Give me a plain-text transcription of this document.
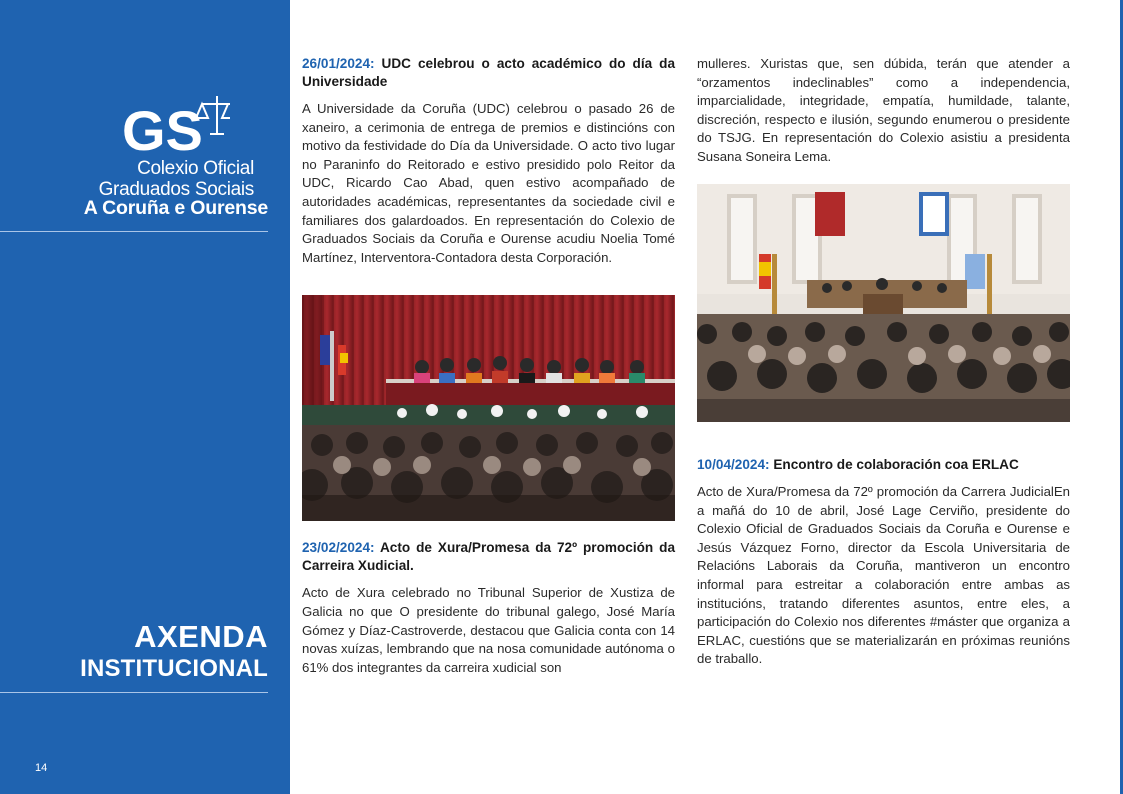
GS
Colexio Oficial
Graduados Sociais
A Coruña e Ourense
AXENDA
INSTITUCIONAL
14
26/01/2024: UDC celebrou o acto académico do día da Universidade

A Universidade da Coruña (UDC) celebrou o pasado 26 de xaneiro, a cerimonia de entrega de premios e distincións con motivo da festividade do Día da Universidade. O acto tivo lugar no Paraninfo do Reitorado e estivo presidido polo Reitor da UDC, Ricardo Cao Abad, quen estivo acompañado de autoridades académicas, representantes da sociedade civil e familiares dos galardoados. En representación do Colexio de Graduados Sociais da Coruña e Ourense acudiu Noelia Tomé Martínez, Interventora-Contadora desta Corporación.

23/02/2024: Acto de Xura/Promesa da 72º promoción da Carreira Xudicial.

Acto de Xura celebrado no Tribunal Superior de Xustiza de Galicia no que O presidente do tribunal galego, José María Gómez y Díaz-Castroverde, destacou que Galicia conta con 14 novas xuízas, lembrando que na nosa comunidade autónoma o 61% dos integrantes da carreira xudicial son

mulleres. Xuristas que, sen dúbida, terán que atender a “orzamentos indeclinables” como a independencia, imparcialidade, integridade, empatía, humildade, talante, discreción, respecto e ilusión, segundo enumerou o presidente do TSJG. En representación do Colexio asistiu a presidenta Susana Soneira Lema.

10/04/2024: Encontro de colaboración coa ERLAC

Acto de Xura/Promesa da 72º promoción da Carrera JudicialEn a mañá do 10 de abril, José Lage Cerviño, presidente do Colexio Oficial de Graduados Sociais da Coruña e Ourense e Jesús Vázquez Forno, director da Escola Universitaria de Relacións Laborais da Coruña, mantiveron un encontro informal para estreitar a colaboración entre ambas as institucións, tratando diferentes asuntos, entre eles, a participación do Colexio nos diferentes #máster que organiza a ERLAC, cuestións que se materializarán en próximas reunións de traballo.
